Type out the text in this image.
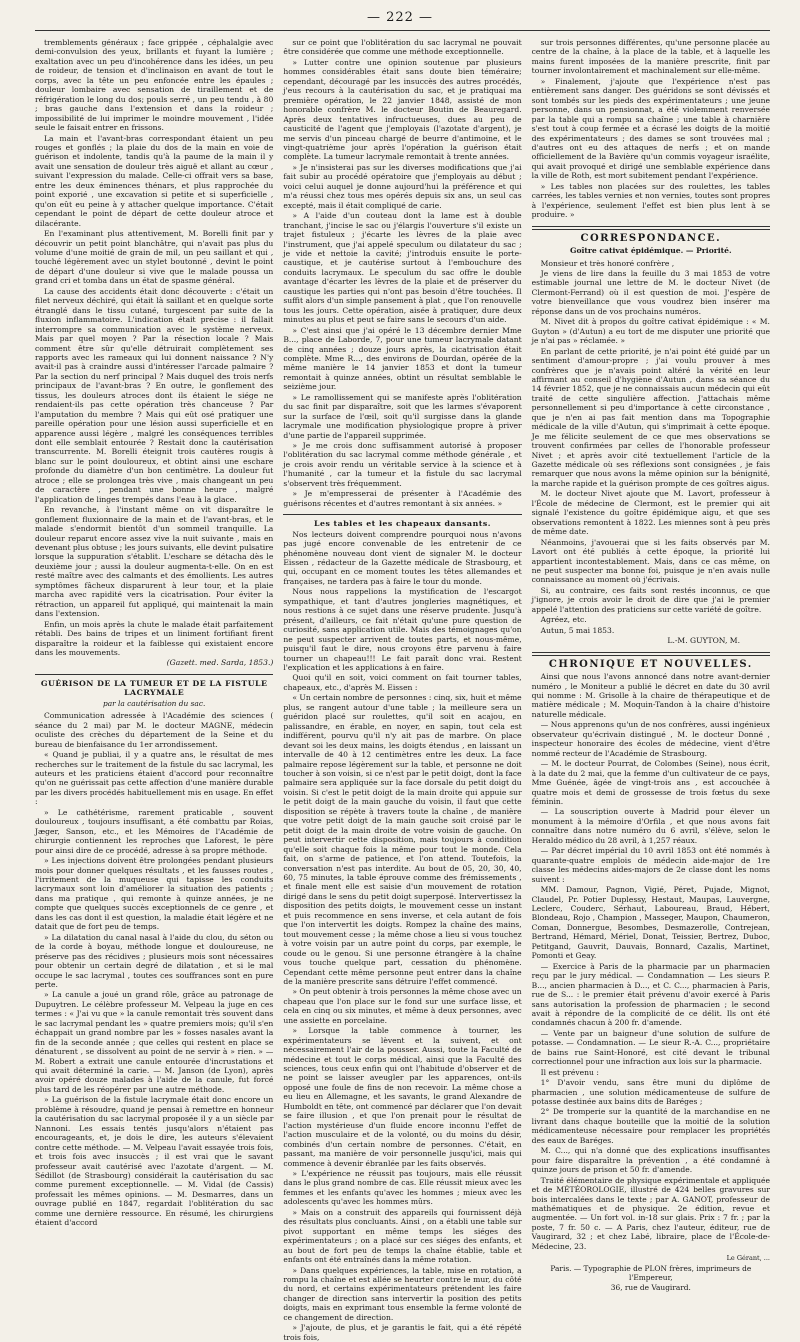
— 222 —

tremblements généraux ; face grippée , céphalalgie avec demi-convulsion des yeux, brillants et fuyant la lumière ; exaltation avec un peu d'incohérence dans les idées, un peu de roideur, de tension et d'inclinaison en avant de tout le corps, avec la tête un peu enfoncée entre les épaules ; douleur lombaire avec sensation de tiraillement et de réfrigération le long du dos; pouls serré , un peu tendu , à 80 ; bras gauche dans l'extension et dans la roideur ; impossibilité de lui imprimer le moindre mouvement , l'idée seule le faisait entrer en frissons.

La main et l'avant-bras correspondant étaient un peu rouges et gonflés ; la plaie du dos de la main en voie de guérison et indolente, tandis qu'à la paume de la main il y avait une sensation de douleur très aiguë et allant au cœur , suivant l'expression du malade. Celle-ci offrait vers sa base, entre les deux éminences thénars, et plus rapprochée du point exporié , une excavation si petite et si superficielle , qu'on eût eu peine à y attacher quelque importance. C'était cependant le point de départ de cette douleur atroce et dilacérante.

En l'examinant plus attentivement, M. Borelli finit par y découvrir un petit point blanchâtre, qui n'avait pas plus du volume d'une moitié de grain de mil, un peu saillant et qui , touché légèrement avec un stylet boutonné , devint le point de départ d'une douleur si vive que le malade poussa un grand cri et tomba dans un état de spasme général.

La cause des accidents était donc découverte : c'était un filet nerveux déchiré, qui était là saillant et en quelque sorte étranglé dans le tissu cutané, turgescent par suite de la fluxion inflammatoire. L'indication était précise : il fallait interrompre sa communication avec le système nerveux. Mais par quel moyen ? Par la résection locale ? Mais comment être sûr qu'elle détruirait complètement ses rapports avec les rameaux qui lui donnent naissance ? N'y avait-il pas à craindre aussi d'intéresser l'arcade palmaire ? Par la section du nerf principal ? Mais duquel des trois nerfs principaux de l'avant-bras ? En outre, le gonflement des tissus, les douleurs atroces dont ils étaient le siége ne rendaient-ils pas cette opération très chanceuse ? Par l'amputation du membre ? Mais qui eût osé pratiquer une pareille opération pour une lésion aussi superficielle et en apparence aussi légère , malgré les conséquences terribles dont elle semblait entourée ? Restait donc la cautérisation transcurrente. M. Borelli éteignit trois cautères rougis à blanc sur le point douloureux, et obtint ainsi une eschare profonde du diamètre d'un bon centimètre. La douleur fut atroce ; elle se prolongea très vive , mais changeant un peu de caractère , pendant une bonne heure , malgré l'application de linges trempés dans l'eau à la glace.

En revanche, à l'instant même on vit disparaître le gonflement fluxionnaire de la main et de l'avant-bras, et le malade s'endormit bientôt d'un sommeil tranquille. La douleur reparut encore assez vive la nuit suivante , mais en devenant plus obtuse ; les jours suivants, elle devint pulsatire lorsque la suppuration s'établit. L'eschare se détacha dès le deuxième jour ; aussi la douleur augmenta-t-elle. On en est resté maître avec des calmants et des émollients. Les autres symptômes fâcheux disparurent à leur tour, et la plaie marcha avec rapidité vers la cicatrisation. Pour éviter la rétraction, un appareil fut appliqué, qui maintenait la main dans l'extension.

Enfin, un mois après la chute le malade était parfaitement rétabli. Des bains de tripes et un liniment fortifiant firent disparaître la roideur et la faiblesse qui existaient encore dans les mouvements.

(Gazett. med. Sarda, 1853.)

GUÉRISON DE LA TUMEUR ET DE LA FISTULE LACRYMALE
par la cautérisation du sac.

Communication adressée à l'Académie des sciences ( séance du 2 mai) par M. le docteur MAGNE, médecin oculiste des crèches du département de la Seine et du bureau de bienfaisance du 1er arrondissement.

« Quand je publiai, il y a quatre ans, le résultat de mes recherches sur le traitement de la fistule du sac lacrymal, les auteurs et les praticiens étaient d'accord pour reconnaître qu'on ne guérissait pas cette affection d'une manière durable par les divers procédés habituellement mis en usage. En effet :

» Le cathétérisme, rarement praticable , souvent douloureux , toujours insuffisant, a été combattu par Roias, Jæger, Sanson, etc., et les Mémoires de l'Académie de chirurgie contiennent les reproches que Laforest, le père pour ainsi dire de ce procédé, adresse à sa propre méthode.

» Les injections doivent être prolongées pendant plusieurs mois pour donner quelques résultats , et les fausses routes , l'irritement de la muqueuse qui tapisse les conduits lacrymaux sont loin d'améliorer la situation des patients ; dans ma pratique , qui remonte à quinze années, je ne compte que quelques succès exceptionnels de ce genre , et dans les cas dont il est question, la maladie était légère et ne datait que de fort peu de temps.

» La dilatation du canal nasal à l'aide du clou, du séton ou de la corde à boyau, méthode longue et douloureuse, ne préserve pas des récidives ; plusieurs mois sont nécessaires pour obtenir un certain degré de dilatation , et si le mal occupe le sac lacrymal , toutes ces souffrances sont en pure perte.

» La canule a joué un grand rôle, grâce au patronage de Dupuytren. Le célèbre professeur M. Velpeau la juge en ces termes : « J'ai vu que » la canule remontait très souvent dans le sac lacrymal pendant les » quatre premiers mois; qu'il s'en échappait un grand nombre par les » fosses nasales avant la fin de la seconde année ; que celles qui restent en place se dénaturent , se dissolvent au point de ne servir à » rien. » — M. Robert a extrait une canule entourée d'incrustations et qui avait déterminé la carie. — M. Janson (de Lyon), après avoir opéré douze malades à l'aide de la canule, fut forcé plus tard de les réopérer par une autre méthode.

» La guérison de la fistule lacrymale était donc encore un problème à résoudre, quand je pensai à remettre en honneur la cautérisation du sac lacrymal proposée il y a un siècle par Nannoni. Les essais tentés jusqu'alors n'étaient pas encourageants, et, je dois le dire, les auteurs s'élevaient contre cette méthode. — M. Velpeau l'avait essayée trois fois, et trois fois avec insuccès ; il est vrai que le savant professeur avait cautérisé avec l'azotate d'argent. — M. Sédillot (de Strasbourg) considérait la cautérisation du sac comme purement exceptionnelle. — M. Vidal (de Cassis) professait les mêmes opinions. — M. Desmarres, dans un ouvrage publié en 1847, regardait l'oblitération du sac comme une dernière ressource. En résumé, les chirurgiens étaient d'accord

sur ce point que l'oblitération du sac lacrymal ne pouvait être considérée que comme une méthode exceptionnelle.

» Lutter contre une opinion soutenue par plusieurs hommes considérables était sans doute bien téméraire; cependant, découragé par les insuccès des autres procédés, j'eus recours à la cautérisation du sac, et je pratiquai ma première opération, le 22 janvier 1848, assisté de mon honorable confrère M. le docteur Boutin de Beauregard. Après deux tentatives infructueuses, dues au peu de causticité de l'agent que j'employais (l'azotate d'argent), je me servis d'un pinceau chargé de beurre d'antimoine, et le vingt-quatrième jour après l'opération la guérison était complète. La tumeur lacrymale remontait à trente années.

» Je n'insisterai pas sur les diverses modifications que j'ai fait subir au procédé opératoire que j'employais au début ; voici celui auquel je donne aujourd'hui la préférence et qui m'a réussi chez tous mes opérés depuis six ans, un seul cas excepté, mais il était compliqué de carie.

» A l'aide d'un couteau dont la lame est à double tranchant, j'incise le sac ou j'élargis l'ouverture s'il existe un trajet fistuleux ; j'écarte les lèvres de la plaie avec l'instrument, que j'ai appelé speculum ou dilatateur du sac ; je vide et nettoie la cavité; j'introduis ensuite le porte-caustique, et je cautérise surtout à l'embouchure des conduits lacrymaux. Le speculum du sac offre le double avantage d'écarter les lèvres de la plaie et de préserver du caustique les parties qui n'ont pas besoin d'être touchées. Il suffit alors d'un simple pansement à plat , que l'on renouvelle tous les jours. Cette opération, aisée à pratiquer, dure deux minutes au plus et peut se faire sans le secours d'un aide.

» C'est ainsi que j'ai opéré le 13 décembre dernier Mme B..., place de Laborde, 7, pour une tumeur lacrymale datant de cinq années ; douze jours après, la cicatrisation était complète. Mme R..., des environs de Dourdan, opérée de la même manière le 14 janvier 1853 et dont la tumeur remontait à quinze années, obtint un résultat semblable le seizième jour.

» Le ramollissement qui se manifeste après l'oblitération du sac finit par disparaître, soit que les larmes s'évaporent sur la surface de l'œil, soit qu'il surgisse dans la glande lacrymale une modification physiologique propre à priver d'une partie de l'appareil supprimée.

» Je me crois donc suffisamment autorisé à proposer l'oblitération du sac lacrymal comme méthode générale , et je crois avoir rendu un véritable service à la science et à l'humanité , car la tumeur et la fistule du sac lacrymal s'observent très fréquemment.

» Je m'empresserai de présenter à l'Académie des guérisons récentes et d'autres remontant à six années. »

Les tables et les chapeaux dansants.

Nos lecteurs doivent comprendre pourquoi nous n'avons pas jugé encore convenable de les entretenir de ce phénomène nouveau dont vient de signaler M. le docteur Eissen , rédacteur de la Gazette médicale de Strasbourg, et qui, occupant en ce moment toutes les têtes allemandes et françaises, ne tardera pas à faire le tour du monde.

Nous nous rappelions la mystification de l'escargot sympathique, et tant d'autres jongleries magnétiques, et nous restions à ce sujet dans une réserve prudente. Jusqu'à présent, d'ailleurs, ce fait n'était qu'une pure question de curiosité, sans application utile. Mais des témoignages qu'on ne peut suspecter arrivent de toutes parts, et nous-même, puisqu'il faut le dire, nous croyons être parvenu à faire tourner un chapeau!!! Le fait paraît donc vrai. Restent l'explication et les applications à en faire.

Quoi qu'il en soit, voici comment on fait tourner tables, chapeaux, etc., d'après M. Eissen :

« Un certain nombre de personnes : cinq, six, huit et même plus, se rangent autour d'une table ; la meilleure sera un guéridon placé sur roulettes, qu'il soit en acajou, en palissandre, en érable, en noyer, en sapin, tout cela est indifférent, pourvu qu'il n'y ait pas de marbre. On place devant soi les deux mains, les doigts étendus , en laissant un intervalle de 40 à 12 centimètres entre les deux. La face palmaire repose légèrement sur la table, et personne ne doit toucher à son voisin, si ce n'est par le petit doigt, dont la face palmaire sera appliquée sur la face dorsale du petit doigt du voisin. Si c'est le petit doigt de la main droite qui appuie sur le petit doigt de la main gauche du voisin, il faut que cette disposition se répète à travers toute la chaîne , de manière que votre petit doigt de la main gauche soit croisé par le petit doigt de la main droite de votre voisin de gauche. On peut intervertir cette disposition, mais toujours à condition qu'elle soit chaque fois la même pour tout le monde. Cela fait, on s'arme de patience, et l'on attend. Toutefois, la conversation n'est pas interdite. Au bout de 05, 20, 30, 40, 60, 75 minutes, la table éprouve comme des frémissements , et finale ment elle est saisie d'un mouvement de rotation dirigé dans le sens du petit doigt superposé. Intervertissez la disposition des petits doigts, le mouvement cesse un instant et puis recommence en sens inverse, et cela autant de fois que l'on intervertit les doigts. Rompez la chaîne des mains, tout mouvement cesse ; la même chose a lieu si vous touchez à votre voisin par un autre point du corps, par exemple, le coude ou le genou. Si une personne étrangère à la chaîne vous touche quelque part, cessation du phénomène. Cependant cette même personne peut entrer dans la chaîne de la manière prescrite sans détruire l'effet commencé.

» On peut obtenir à trois personnes la même chose avec un chapeau que l'on place sur le fond sur une surface lisse, et cela en cinq ou six minutes, et même à deux personnes, avec une assiette en porcelaine.

» Lorsque la table commence à tourner, les expérimentateurs se lèvent et la suivent, et ont nécessairement l'air de la pousser. Aussi, toute la Faculté de médecine et tout le corps médical, ainsi que la Faculté des sciences, tous ceux enfin qui ont l'habitude d'observer et de ne point se laisser aveugler par les apparences, ont-ils opposé une foule de fins de non recevoir. La même chose a eu lieu en Allemagne, et les savants, le grand Alexandre de Humboldt en tête, ont commencé par déclarer que l'on devait se faire illusion , et que l'on prenait pour le résultat de l'action mystérieuse d'un fluide encore inconnu l'effet de l'action musculaire et de la volonté, ou du moins du désir, combinés d'un certain nombre de personnes. C'était, en passant, ma manière de voir personnelle jusqu'ici, mais qui commence à devenir ébranlée par les faits observés.

» L'expérience ne réussit pas toujours, mais elle réussit dans le plus grand nombre de cas. Elle réussit mieux avec les femmes et les enfants qu'avec les hommes ; mieux avec les adolescents qu'avec les hommes mûrs.

» Mais on a construit des appareils qui fournissent déjà des résultats plus concluants. Ainsi , on a établi une table sur pivot supportant en même temps les siéges des expérimentateurs ; on a placé sur ces siéges des enfants, et au bout de fort peu de temps la chaîne établie, table et enfants ont été entraînés dans la même rotation.

» Dans quelques expériences, la table, mise en rotation, a rompu la chaîne et est allée se heurter contre le mur, du côté du nord, et certains expérimentateurs prétendent les faire changer de direction sans intervertir la position des petits doigts, mais en exprimant tous ensemble la ferme volonté de ce changement de direction.

» J'ajoute, de plus, et je garantis le fait, qui a été répété trois fois,

sur trois personnes différentes, qu'une personne placée au centre de la chaîne, à la place de la table, et à laquelle les mains furent imposées de la manière prescrite, finit par tourner involontairement et machinalement sur elle-même.

» Finalement, j'ajoute que l'expérience n'est pas entièrement sans danger. Des guéridons se sont dévissés et sont tombés sur les pieds des expérimentateurs ; une jeune personne, dans un pensionnat, a été violemment renversée par la table qui a rompu sa chaîne ; une table à charnière s'est tout à coup fermée et a écrasé les doigts de la moitié des expérimentateurs ; des dames se sont trouvées mal ; d'autres ont eu des attaques de nerfs ; et on mande officiellement de la Bavière qu'un commis voyageur israélite, qui avait provoqué et dirigé une semblable expérience dans la ville de Roth, est mort subitement pendant l'expérience.

» Les tables non placées sur des roulettes, les tables carrées, les tables vernies et non vernies, toutes sont propres à l'expérience, seulement l'effet est bien plus lent à se produire. »

CORRESPONDANCE.
Goître cativat épidémique. — Priorité.

Monsieur et très honoré confrère ,

Je viens de lire dans la feuille du 3 mai 1853 de votre estimable journal une lettre de M. le docteur Nivet (de Clermont-Ferrand) où il est question de moi. J'espère de votre bienveillance que vous voudrez bien insérer ma réponse dans un de vos prochains numéros.

M. Nivet dit à propos du goître cativat épidémique : « M. Guyton » (d'Autun) a eu tort de me disputer une priorité que je n'ai pas » réclamée. »

En parlant de cette priorité, je n'ai point été guidé par un sentiment d'amour-propre ; j'ai voulu prouver à mes confrères que je n'avais point altéré la vérité en leur affirmant au conseil d'hygiène d'Autun , dans sa séance du 14 février 1852, que je ne connaissais aucun médecin qui eût traité de cette singulière affection. J'attachais même personnellement si peu d'importance à cette circonstance , que je n'en ai pas fait mention dans ma Topographie médicale de la ville d'Autun, qui s'imprimait à cette époque. Je me félicite seulement de ce que mes observations se trouvent confirmées par celles de l'honorable professeur Nivet ; et après avoir cité textuellement l'article de la Gazette médicale où ses réflexions sont consignées , je fais remarquer que nous avons la même opinion sur la bénignité, la marche rapide et la guérison prompte de ces goîtres aigus.

M. le docteur Nivet ajoute que M. Lavort, professeur à l'École de médecine de Clermont, est le premier qui ait signalé l'existence du goître épidémique aigu, et que ses observations remontent à 1822. Les miennes sont à peu près de même date.

Néanmoins, j'avouerai que si les faits observés par M. Lavort ont été publiés à cette époque, la priorité lui appartient incontestablement. Mais, dans ce cas même, on ne peut suspecter ma bonne foi, puisque je n'en avais nulle connaissance au moment où j'écrivais.

Si, au contraire, ces faits sont restés inconnus, ce que j'ignore, je crois avoir le droit de dire que j'ai le premier appelé l'attention des praticiens sur cette variété de goître.

Agréez, etc.

Autun, 5 mai 1853.

L.-M. GUYTON, M.

CHRONIQUE ET NOUVELLES.

Ainsi que nous l'avons annoncé dans notre avant-dernier numéro , le Moniteur a publié le décret en date du 30 avril qui nomme : M. Grisolle à la chaire de thérapeutique et de matière médicale ; M. Moquin-Tandon à la chaire d'histoire naturelle médicale.

— Nous apprenons qu'un de nos confrères, aussi ingénieux observateur qu'écrivain distingué , M. le docteur Donné , inspecteur honoraire des écoles de médecine, vient d'être nommé recteur de l'Académie de Strasbourg.

— M. le docteur Pourrat, de Colombes (Seine), nous écrit, à la date du 2 mai, que la femme d'un cultivateur de ce pays, Mme Guénée, âgée de vingt-trois ans , est accouchée à quatre mois et demi de grossesse de trois fœtus du sexe féminin.

— La souscription ouverte à Madrid pour élever un monument à la mémoire d'Orfila , et que nous avons fait connaître dans notre numéro du 6 avril, s'élève, selon le Heraldo médico du 28 avril, à 1,257 réaux.

— Par décret impérial du 10 avril 1853 ont été nommés à quarante-quatre emplois de médecin aide-major de 1re classe les médecins aides-majors de 2e classe dont les noms suivent :

MM. Damour, Pagnon, Vigié, Péret, Pujade, Mignot, Claudel, Pr. Potier Duplessy, Hestaut, Maupas, Lauvergne, Leclerc, Couderc, Sérhaut, Laboureau, Braud, Hébert, Blondeau, Rojo , Champion , Masseger, Maupon, Chaumeron, Coman, Donnergue, Besombes, Desmazerolle, Contrejean, Bertrand, Hémard, Mériel, Donat, Teissier, Bertrez, Duboc, Petitgand, Gauvrit, Dauvais, Bonnard, Cazalis, Martinet, Pomonti et Geay.

— Exercice à Paris de la pharmacie par un pharmacien reçu par le jury médical. — Condamnation — Les sieurs P. B..., ancien pharmacien à D..., et C. C..., pharmacien à Paris, rue de S... : le premier était prévenu d'avoir exercé à Paris sans autorisation la profession de pharmacien ; le second avait à répondre de la complicité de ce délit. Ils ont été condamnés chacun à 200 fr. d'amende.

— Vente par un baigneur d'une solution de sulfure de potasse. — Condamnation. — Le sieur R.-A. C..., propriétaire de bains rue Saint-Honoré, est cité devant le tribunal correctionnel pour une infraction aux lois sur la pharmacie.

Il est prévenu :

1° D'avoir vendu, sans être muni du diplôme de pharmacien , une solution médicamenteuse de sulfure de potasse destinée aux bains dits de Baréges ;

2° De tromperie sur la quantité de la marchandise en ne livrant dans chaque bouteille que la moitié de la solution médicamenteuse nécessaire pour remplacer les propriétés des eaux de Baréges.

M. C..., qui n'a donné que des explications insuffisantes pour faire disparaître la prévention , a été condamné à quinze jours de prison et 50 fr. d'amende.

Traité élémentaire de physique expérimentale et appliquée et de MÉTÉOROLOGIE, illustré de 424 belles gravures sur bois intercalées dans le texte ; par A. GANOT, professeur de mathématiques et de physique. 2e édition, revue et augmentée. — Un fort vol. in-18 sur glais. Prix : 7 fr. ; par la poste, 7 fr. 50 c. — A Paris, chez l'auteur, éditeur, rue de Vaugirard, 32 ; et chez Labé, libraire, place de l'École-de-Médecine, 23.

Le Gérant, ...
Paris. — Typographie de PLON frères, imprimeurs de l'Empereur,
36, rue de Vaugirard.
